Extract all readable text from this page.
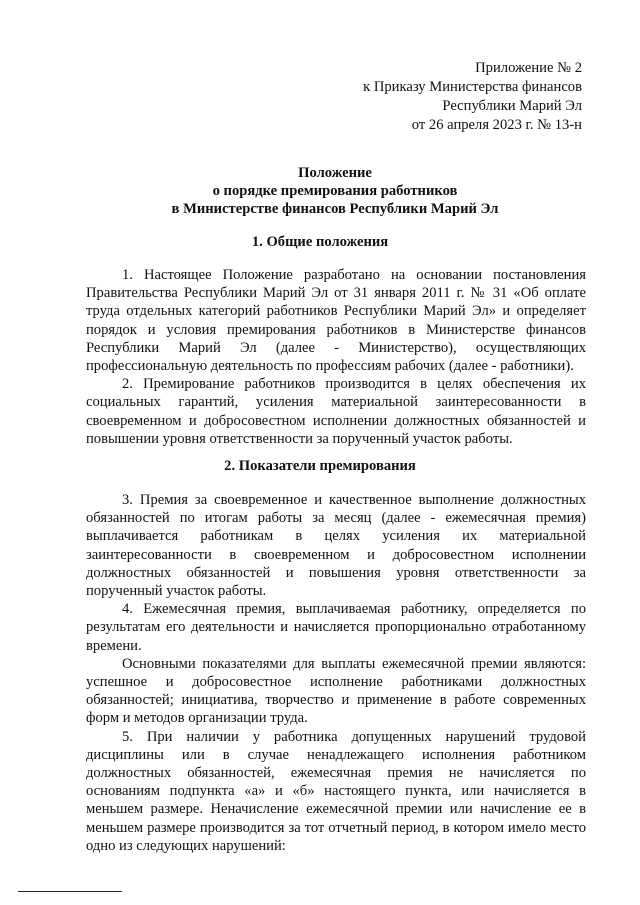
Приложение № 2
к Приказу Министерства финансов
Республики Марий Эл
от 26 апреля 2023 г. № 13-н
Положение
о порядке премирования работников
в Министерстве финансов Республики Марий Эл
1. Общие положения

1. Настоящее Положение разработано на основании постановления Правительства Республики Марий Эл от 31 января 2011 г. № 31 «Об оплате труда отдельных категорий работников Республики Марий Эл» и определяет порядок и условия премирования работников в Министерстве финансов Республики Марий Эл (далее - Министерство), осуществляющих профессиональную деятельность по профессиям рабочих (далее - работники).

2. Премирование работников производится в целях обеспечения их социальных гарантий, усиления материальной заинтересованности в своевременном и добросовестном исполнении должностных обязанностей и повышении уровня ответственности за порученный участок работы.

2. Показатели премирования

3. Премия за своевременное и качественное выполнение должностных обязанностей по итогам работы за месяц (далее - ежемесячная премия) выплачивается работникам в целях усиления их материальной заинтересованности в своевременном и добросовестном исполнении должностных обязанностей и повышения уровня ответственности за порученный участок работы.

4. Ежемесячная премия, выплачиваемая работнику, определяется по результатам его деятельности и начисляется пропорционально отработанному времени.

Основными показателями для выплаты ежемесячной премии являются: успешное и добросовестное исполнение работниками должностных обязанностей; инициатива, творчество и применение в работе современных форм и методов организации труда.

5. При наличии у работника допущенных нарушений трудовой дисциплины или в случае ненадлежащего исполнения работником должностных обязанностей, ежемесячная премия не начисляется по основаниям подпункта «а» и «б» настоящего пункта, или начисляется в меньшем размере. Неначисление ежемесячной премии или начисление ее в меньшем размере производится за тот отчетный период, в котором имело место одно из следующих нарушений:
